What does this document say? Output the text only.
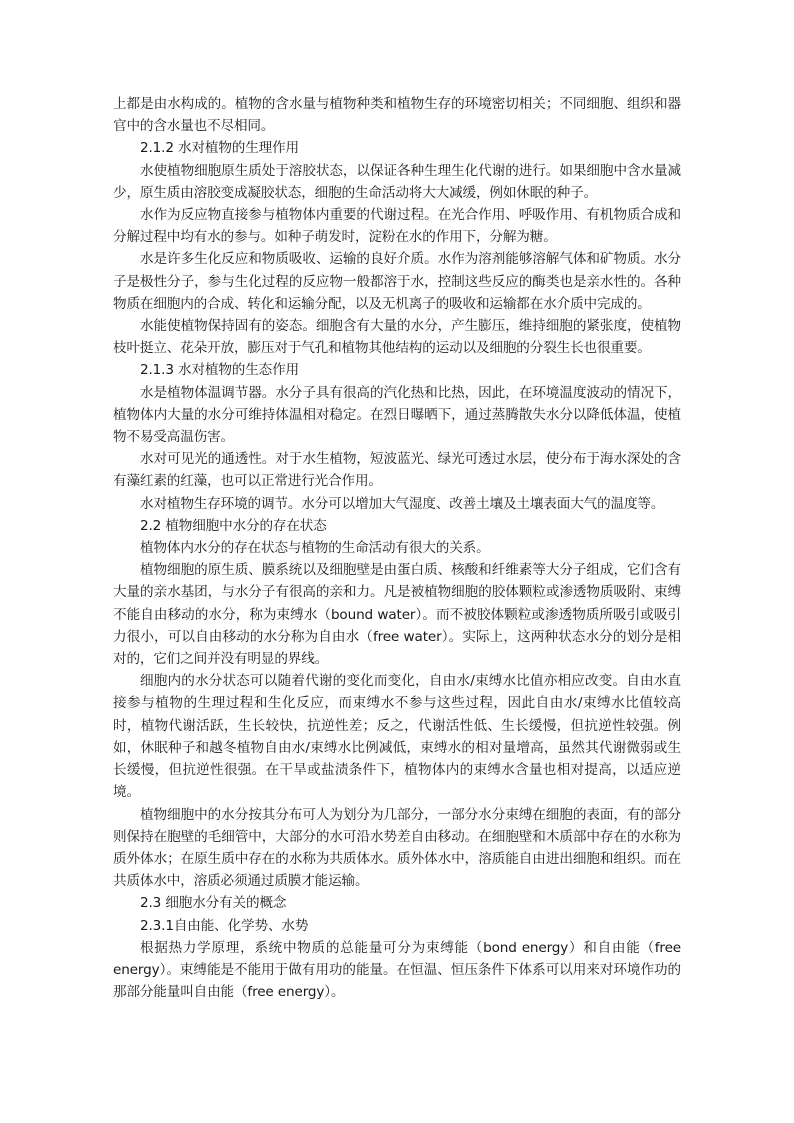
上都是由水构成的。植物的含水量与植物种类和植物生存的环境密切相关；不同细胞、组织和器官中的含水量也不尽相同。

2.1.2 水对植物的生理作用

水使植物细胞原生质处于溶胶状态，以保证各种生理生化代谢的进行。如果细胞中含水量减少，原生质由溶胶变成凝胶状态，细胞的生命活动将大大减缓，例如休眠的种子。

水作为反应物直接参与植物体内重要的代谢过程。在光合作用、呼吸作用、有机物质合成和分解过程中均有水的参与。如种子萌发时，淀粉在水的作用下，分解为糖。

水是许多生化反应和物质吸收、运输的良好介质。水作为溶剂能够溶解气体和矿物质。水分子是极性分子，参与生化过程的反应物一般都溶于水，控制这些反应的酶类也是亲水性的。各种物质在细胞内的合成、转化和运输分配，以及无机离子的吸收和运输都在水介质中完成的。

水能使植物保持固有的姿态。细胞含有大量的水分，产生膨压，维持细胞的紧张度，使植物枝叶挺立、花朵开放，膨压对于气孔和植物其他结构的运动以及细胞的分裂生长也很重要。

2.1.3 水对植物的生态作用

水是植物体温调节器。水分子具有很高的汽化热和比热，因此，在环境温度波动的情况下，植物体内大量的水分可维持体温相对稳定。在烈日曝晒下，通过蒸腾散失水分以降低体温，使植物不易受高温伤害。

水对可见光的通透性。对于水生植物，短波蓝光、绿光可透过水层，使分布于海水深处的含有藻红素的红藻，也可以正常进行光合作用。

水对植物生存环境的调节。水分可以增加大气湿度、改善土壤及土壤表面大气的温度等。

2.2 植物细胞中水分的存在状态

植物体内水分的存在状态与植物的生命活动有很大的关系。

植物细胞的原生质、膜系统以及细胞壁是由蛋白质、核酸和纤维素等大分子组成，它们含有大量的亲水基团，与水分子有很高的亲和力。凡是被植物细胞的胶体颗粒或渗透物质吸附、束缚不能自由移动的水分，称为束缚水（bound water）。而不被胶体颗粒或渗透物质所吸引或吸引力很小，可以自由移动的水分称为自由水（free water）。实际上，这两种状态水分的划分是相对的，它们之间并没有明显的界线。

细胞内的水分状态可以随着代谢的变化而变化，自由水/束缚水比值亦相应改变。自由水直接参与植物的生理过程和生化反应，而束缚水不参与这些过程，因此自由水/束缚水比值较高时，植物代谢活跃，生长较快，抗逆性差；反之，代谢活性低、生长缓慢，但抗逆性较强。例如，休眠种子和越冬植物自由水/束缚水比例减低，束缚水的相对量增高，虽然其代谢微弱或生长缓慢，但抗逆性很强。在干旱或盐渍条件下，植物体内的束缚水含量也相对提高，以适应逆境。

植物细胞中的水分按其分布可人为划分为几部分，一部分水分束缚在细胞的表面，有的部分则保持在胞壁的毛细管中，大部分的水可沿水势差自由移动。在细胞壁和木质部中存在的水称为质外体水；在原生质中存在的水称为共质体水。质外体水中，溶质能自由进出细胞和组织。而在共质体水中，溶质必须通过质膜才能运输。

2.3 细胞水分有关的概念
2.3.1自由能、化学势、水势

根据热力学原理，系统中物质的总能量可分为束缚能（bond energy）和自由能（free energy）。束缚能是不能用于做有用功的能量。在恒温、恒压条件下体系可以用来对环境作功的那部分能量叫自由能（free energy）。
